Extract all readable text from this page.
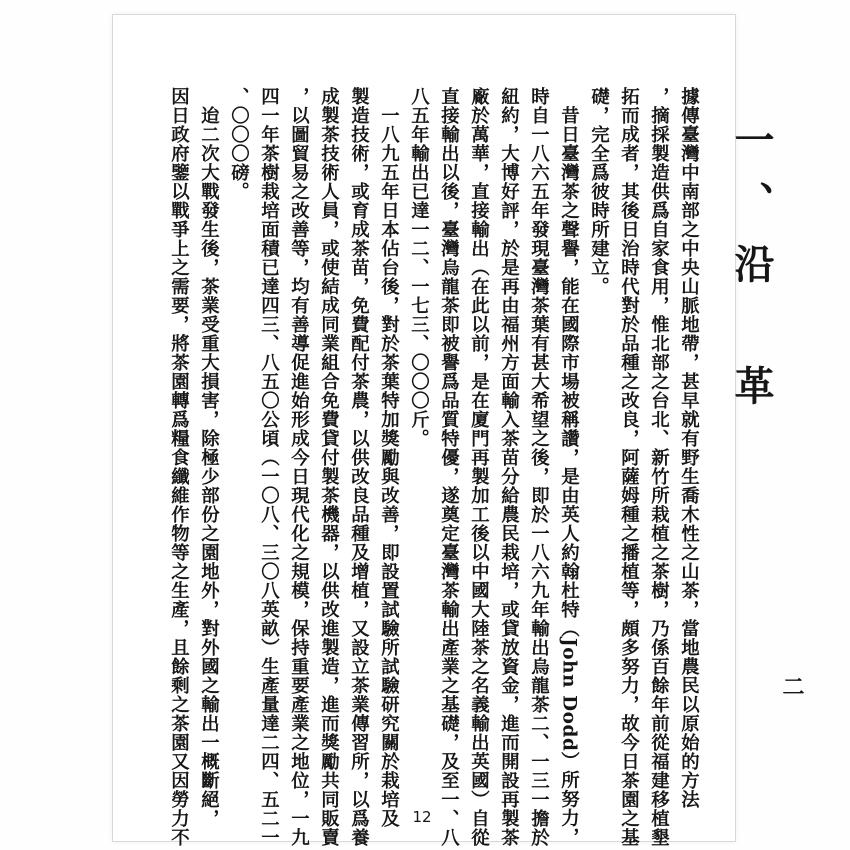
一、沿革
據傳臺灣中南部之中央山脈地帶，甚早就有野生喬木性之山茶，當地農民以原始的方法
，摘採製造供爲自家食用，惟北部之台北、新竹所栽植之茶樹，乃係百餘年前從福建移植墾
拓而成者，其後日治時代對於品種之改良，阿薩姆種之播植等，頗多努力，故今日茶園之基
礎，完全爲彼時所建立。
　昔日臺灣茶之聲譽，能在國際市場被稱讚，是由英人約翰杜特（John Dodd）所努力，
時自一八六五年發現臺灣茶葉有甚大希望之後，即於一八六九年輸出烏龍茶二、一三一擔於
紐約，大博好評，於是再由福州方面輸入茶苗分給農民栽培，或貸放資金，進而開設再製茶
廠於萬華，直接輸出（在此以前，是在廈門再製加工後以中國大陸茶之名義輸出英國）自從
直接輸出以後，臺灣烏龍茶即被譽爲品質特優，遂奠定臺灣茶輸出產業之基礎，及至一、八
八五年輸出已達一二、一七三、〇〇〇斤。
　一八九五年日本佔台後，對於茶葉特加獎勵與改善，即設置試驗所試驗研究關於栽培及
製造技術，或育成茶苗，免費配付茶農，以供改良品種及增植，又設立茶業傳習所，以爲養
成製茶技術人員，或使結成同業組合免費貸付製茶機器，以供改進製造，進而獎勵共同販賣
，以圖貿易之改善等，均有善導促進始形成今日現代化之規模，保持重要產業之地位，一九
四一年茶樹栽培面積已達四三、八五〇公頃（一〇八、三〇八英畝）生產量達二四、五二一
、〇〇〇磅。
　迨二次大戰發生後，茶業受重大損害，除極少部份之園地外，對外國之輸出一概斷絕，
因日政府鑒以戰爭上之需要，將茶園轉爲糧食纖維作物等之生產，且餘剩之茶園又因勞力不	二
12
